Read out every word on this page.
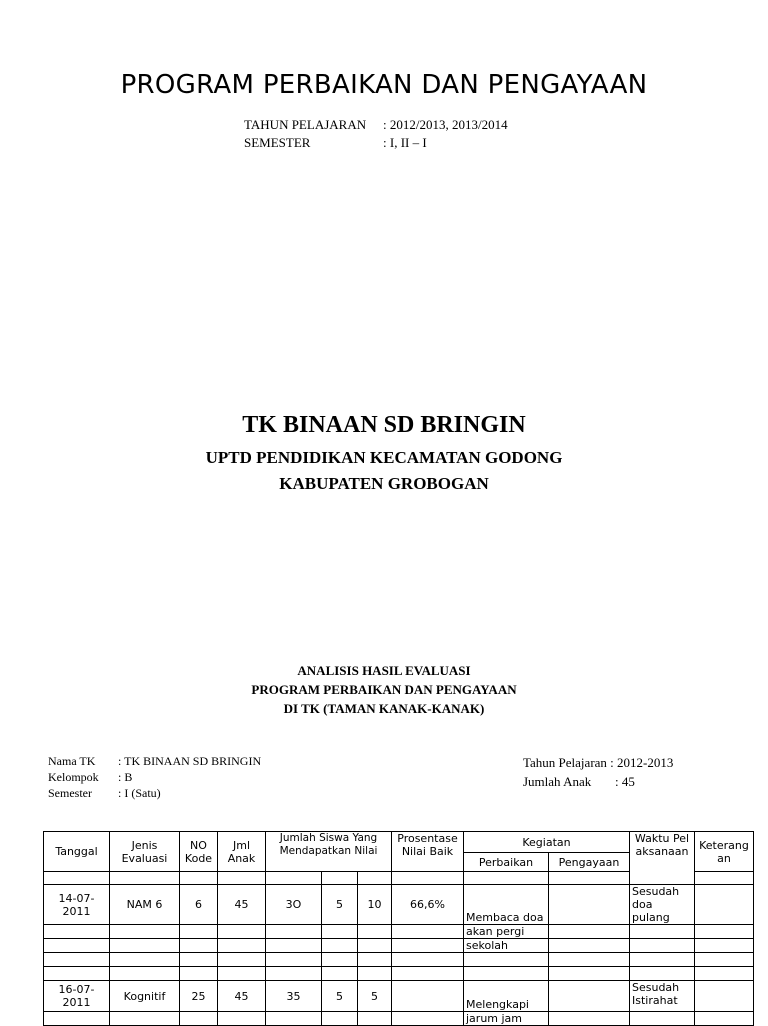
PROGRAM PERBAIKAN DAN PENGAYAAN
TAHUN PELAJARAN : 2012/2013, 2013/2014
SEMESTER	: I, II – I
TK BINAAN SD BRINGIN
UPTD PENDIDIKAN KECAMATAN GODONG
KABUPATEN GROBOGAN
ANALISIS HASIL EVALUASI
PROGRAM PERBAIKAN DAN PENGAYAAN
DI TK (TAMAN KANAK-KANAK)
Nama TK : TK BINAAN SD BRINGIN
Kelompok : B
Semester : I (Satu)
Tahun Pelajaran : 2012-2013
Jumlah Anak : 45
Tanggal	Jenis Evaluasi	NO Kode	Jml Anak	Jumlah Siswa Yang Mendapatkan Nilai			Prosentase Nilai Baik	Kegiatan		Waktu Pelaksanaan	Keterangan
								Perbaikan	Pengayaan		

14-07-2011	NAM 6	6	45	3O	5	10	66,6%	Membaca doa		Sesudah doa pulang	
								akan pergi			
								sekolah			

16-07-2011	Kognitif	25	45	35	5	5		Melengkapi		Sesudah Istirahat	
								jarum jam			
